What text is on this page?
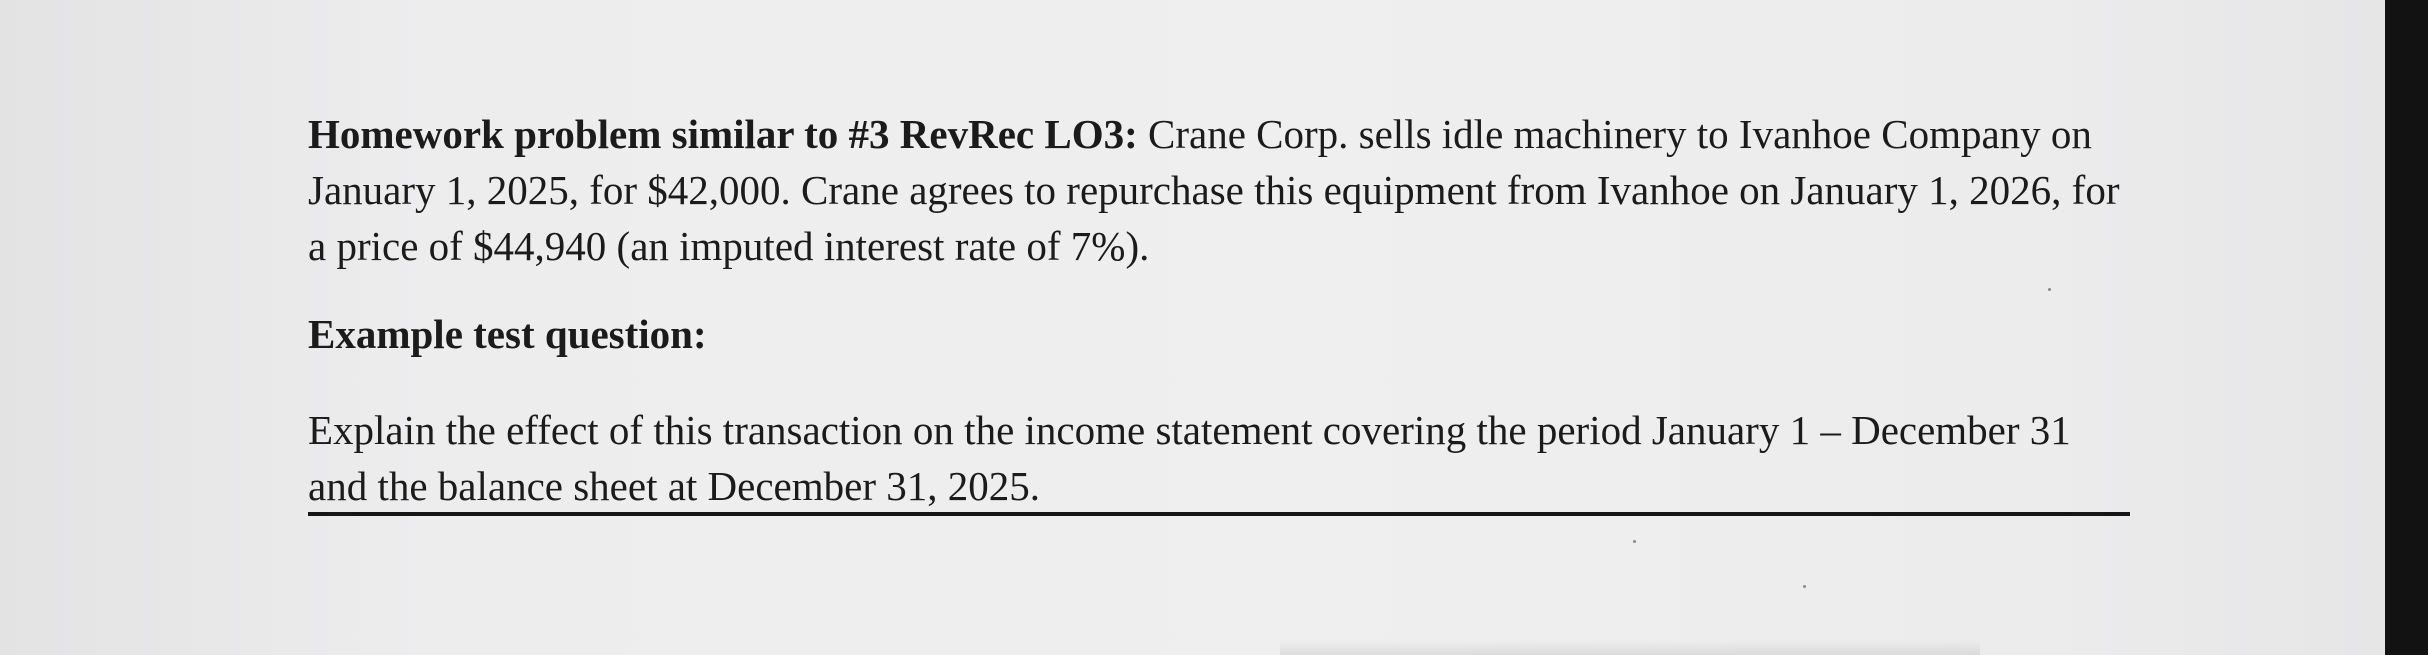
Homework problem similar to #3 RevRec LO3: Crane Corp. sells idle machinery to Ivanhoe Company on January 1, 2025, for $42,000. Crane agrees to repurchase this equipment from Ivanhoe on January 1, 2026, for a price of $44,940 (an imputed interest rate of 7%).

Example test question:

Explain the effect of this transaction on the income statement covering the period January 1 – December 31 and the balance sheet at December 31, 2025.
